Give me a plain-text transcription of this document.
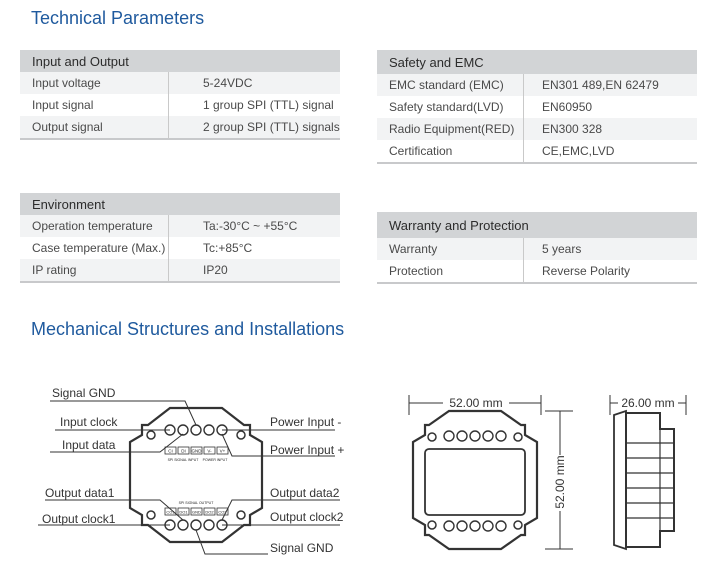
Technical Parameters
Input and Output	
Input voltage	5-24VDC
Input signal	1 group SPI (TTL) signal
Output signal	2 group SPI (TTL) signals
Environment	
Operation temperature	Ta:-30°C ~ +55°C
Case temperature (Max.)	Tc:+85°C
IP rating	IP20
Safety and EMC	
EMC standard (EMC)	EN301 489,EN 62479
Safety standard(LVD)	EN60950
Radio Equipment(RED)	EN300 328
Certification	CE,EMC,LVD
Warranty and Protection	
Warranty	5 years
Protection	Reverse Polarity
Mechanical Structures and Installations
CI DI GND V- V+
SPI SIGNAL INPUT POWER INPUT
SPI SIGNAL OUTPUT
CO1 DO1 GND DO2 CO2
Signal GND
Input clock
Input data
Power Input -
Power Input +
Output data1
Output clock1
Output data2
Output clock2
Signal GND
52.00 mm
52.00 mm
26.00 mm
